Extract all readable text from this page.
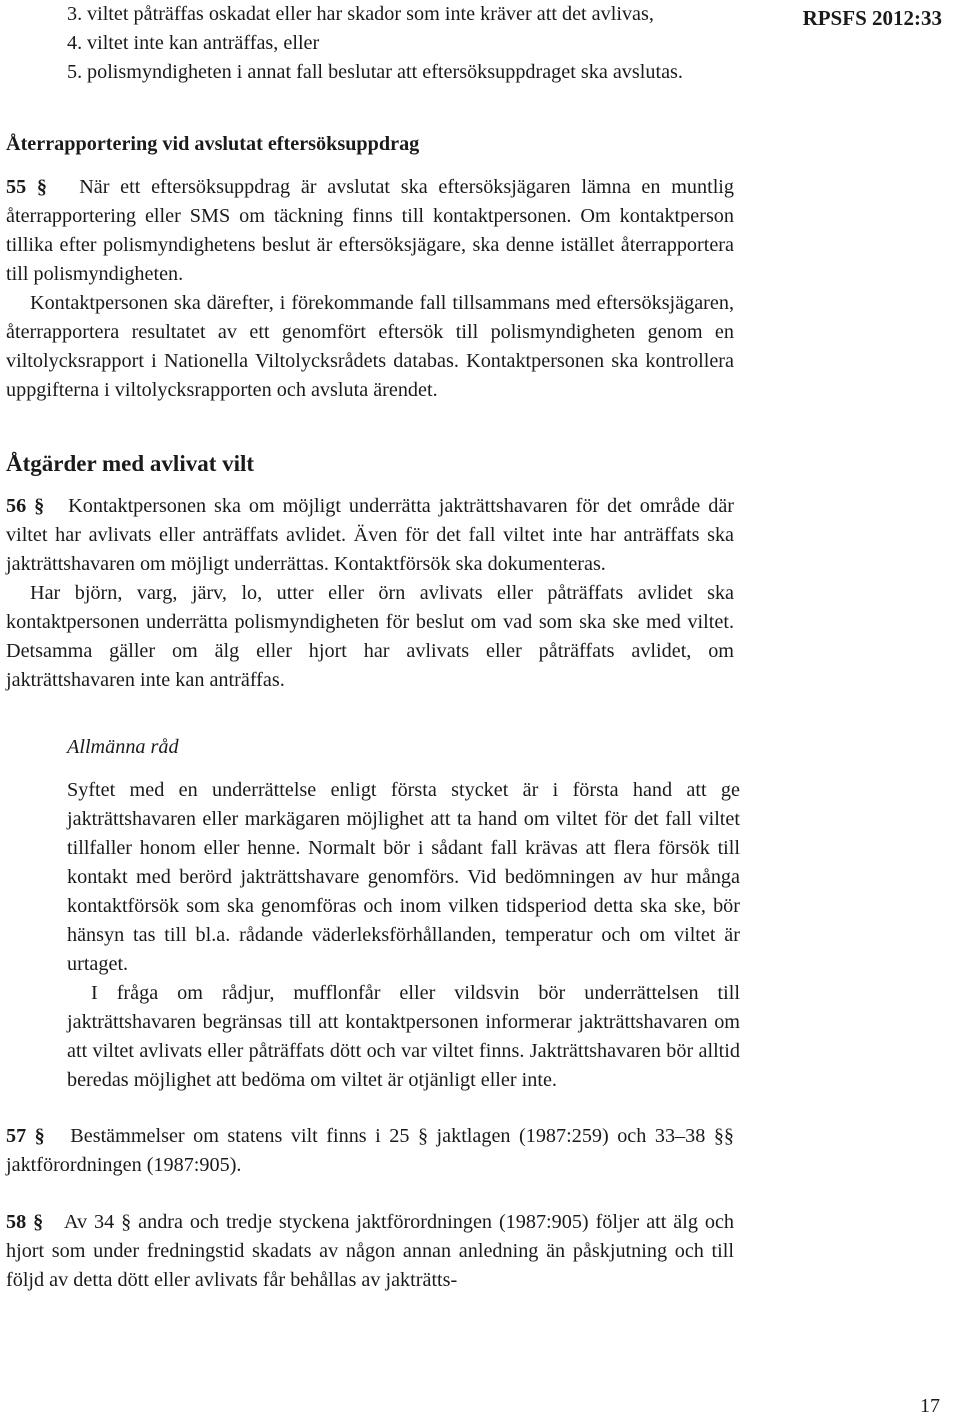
RPSFS 2012:33
3. viltet påträffas oskadat eller har skador som inte kräver att det avlivas,
4. viltet inte kan anträffas, eller
5. polismyndigheten i annat fall beslutar att eftersöksuppdraget ska avslutas.
Återrapportering vid avslutat eftersöksuppdrag

55 § När ett eftersöksuppdrag är avslutat ska eftersöksjägaren lämna en muntlig återrapportering eller SMS om täckning finns till kontaktpersonen. Om kontaktperson tillika efter polismyndighetens beslut är eftersöksjägare, ska denne istället återrapportera till polismyndigheten.

Kontaktpersonen ska därefter, i förekommande fall tillsammans med eftersöksjägaren, återrapportera resultatet av ett genomfört eftersök till polismyndigheten genom en viltolycksrapport i Nationella Viltolycksrådets databas. Kontaktpersonen ska kontrollera uppgifterna i viltolycksrapporten och avsluta ärendet.

Åtgärder med avlivat vilt

56 § Kontaktpersonen ska om möjligt underrätta jakträttshavaren för det område där viltet har avlivats eller anträffats avlidet. Även för det fall viltet inte har anträffats ska jakträttshavaren om möjligt underrättas. Kontaktförsök ska dokumenteras.

Har björn, varg, järv, lo, utter eller örn avlivats eller påträffats avlidet ska kontaktpersonen underrätta polismyndigheten för beslut om vad som ska ske med viltet. Detsamma gäller om älg eller hjort har avlivats eller påträffats avlidet, om jakträttshavaren inte kan anträffas.

Allmänna råd

Syftet med en underrättelse enligt första stycket är i första hand att ge jakträttshavaren eller markägaren möjlighet att ta hand om viltet för det fall viltet tillfaller honom eller henne. Normalt bör i sådant fall krävas att flera försök till kontakt med berörd jakträttshavare genomförs. Vid bedömningen av hur många kontaktförsök som ska genomföras och inom vilken tidsperiod detta ska ske, bör hänsyn tas till bl.a. rådande väderleksförhållanden, temperatur och om viltet är urtaget.

I fråga om rådjur, mufflonfår eller vildsvin bör underrättelsen till jakträttshavaren begränsas till att kontaktpersonen informerar jakträttshavaren om att viltet avlivats eller påträffats dött och var viltet finns. Jakträttshavaren bör alltid beredas möjlighet att bedöma om viltet är otjänligt eller inte.

57 § Bestämmelser om statens vilt finns i 25 § jaktlagen (1987:259) och 33–38 §§ jaktförordningen (1987:905).

58 § Av 34 § andra och tredje styckena jaktförordningen (1987:905) följer att älg och hjort som under fredningstid skadats av någon annan anledning än påskjutning och till följd av detta dött eller avlivats får behållas av jakträtts-

17
